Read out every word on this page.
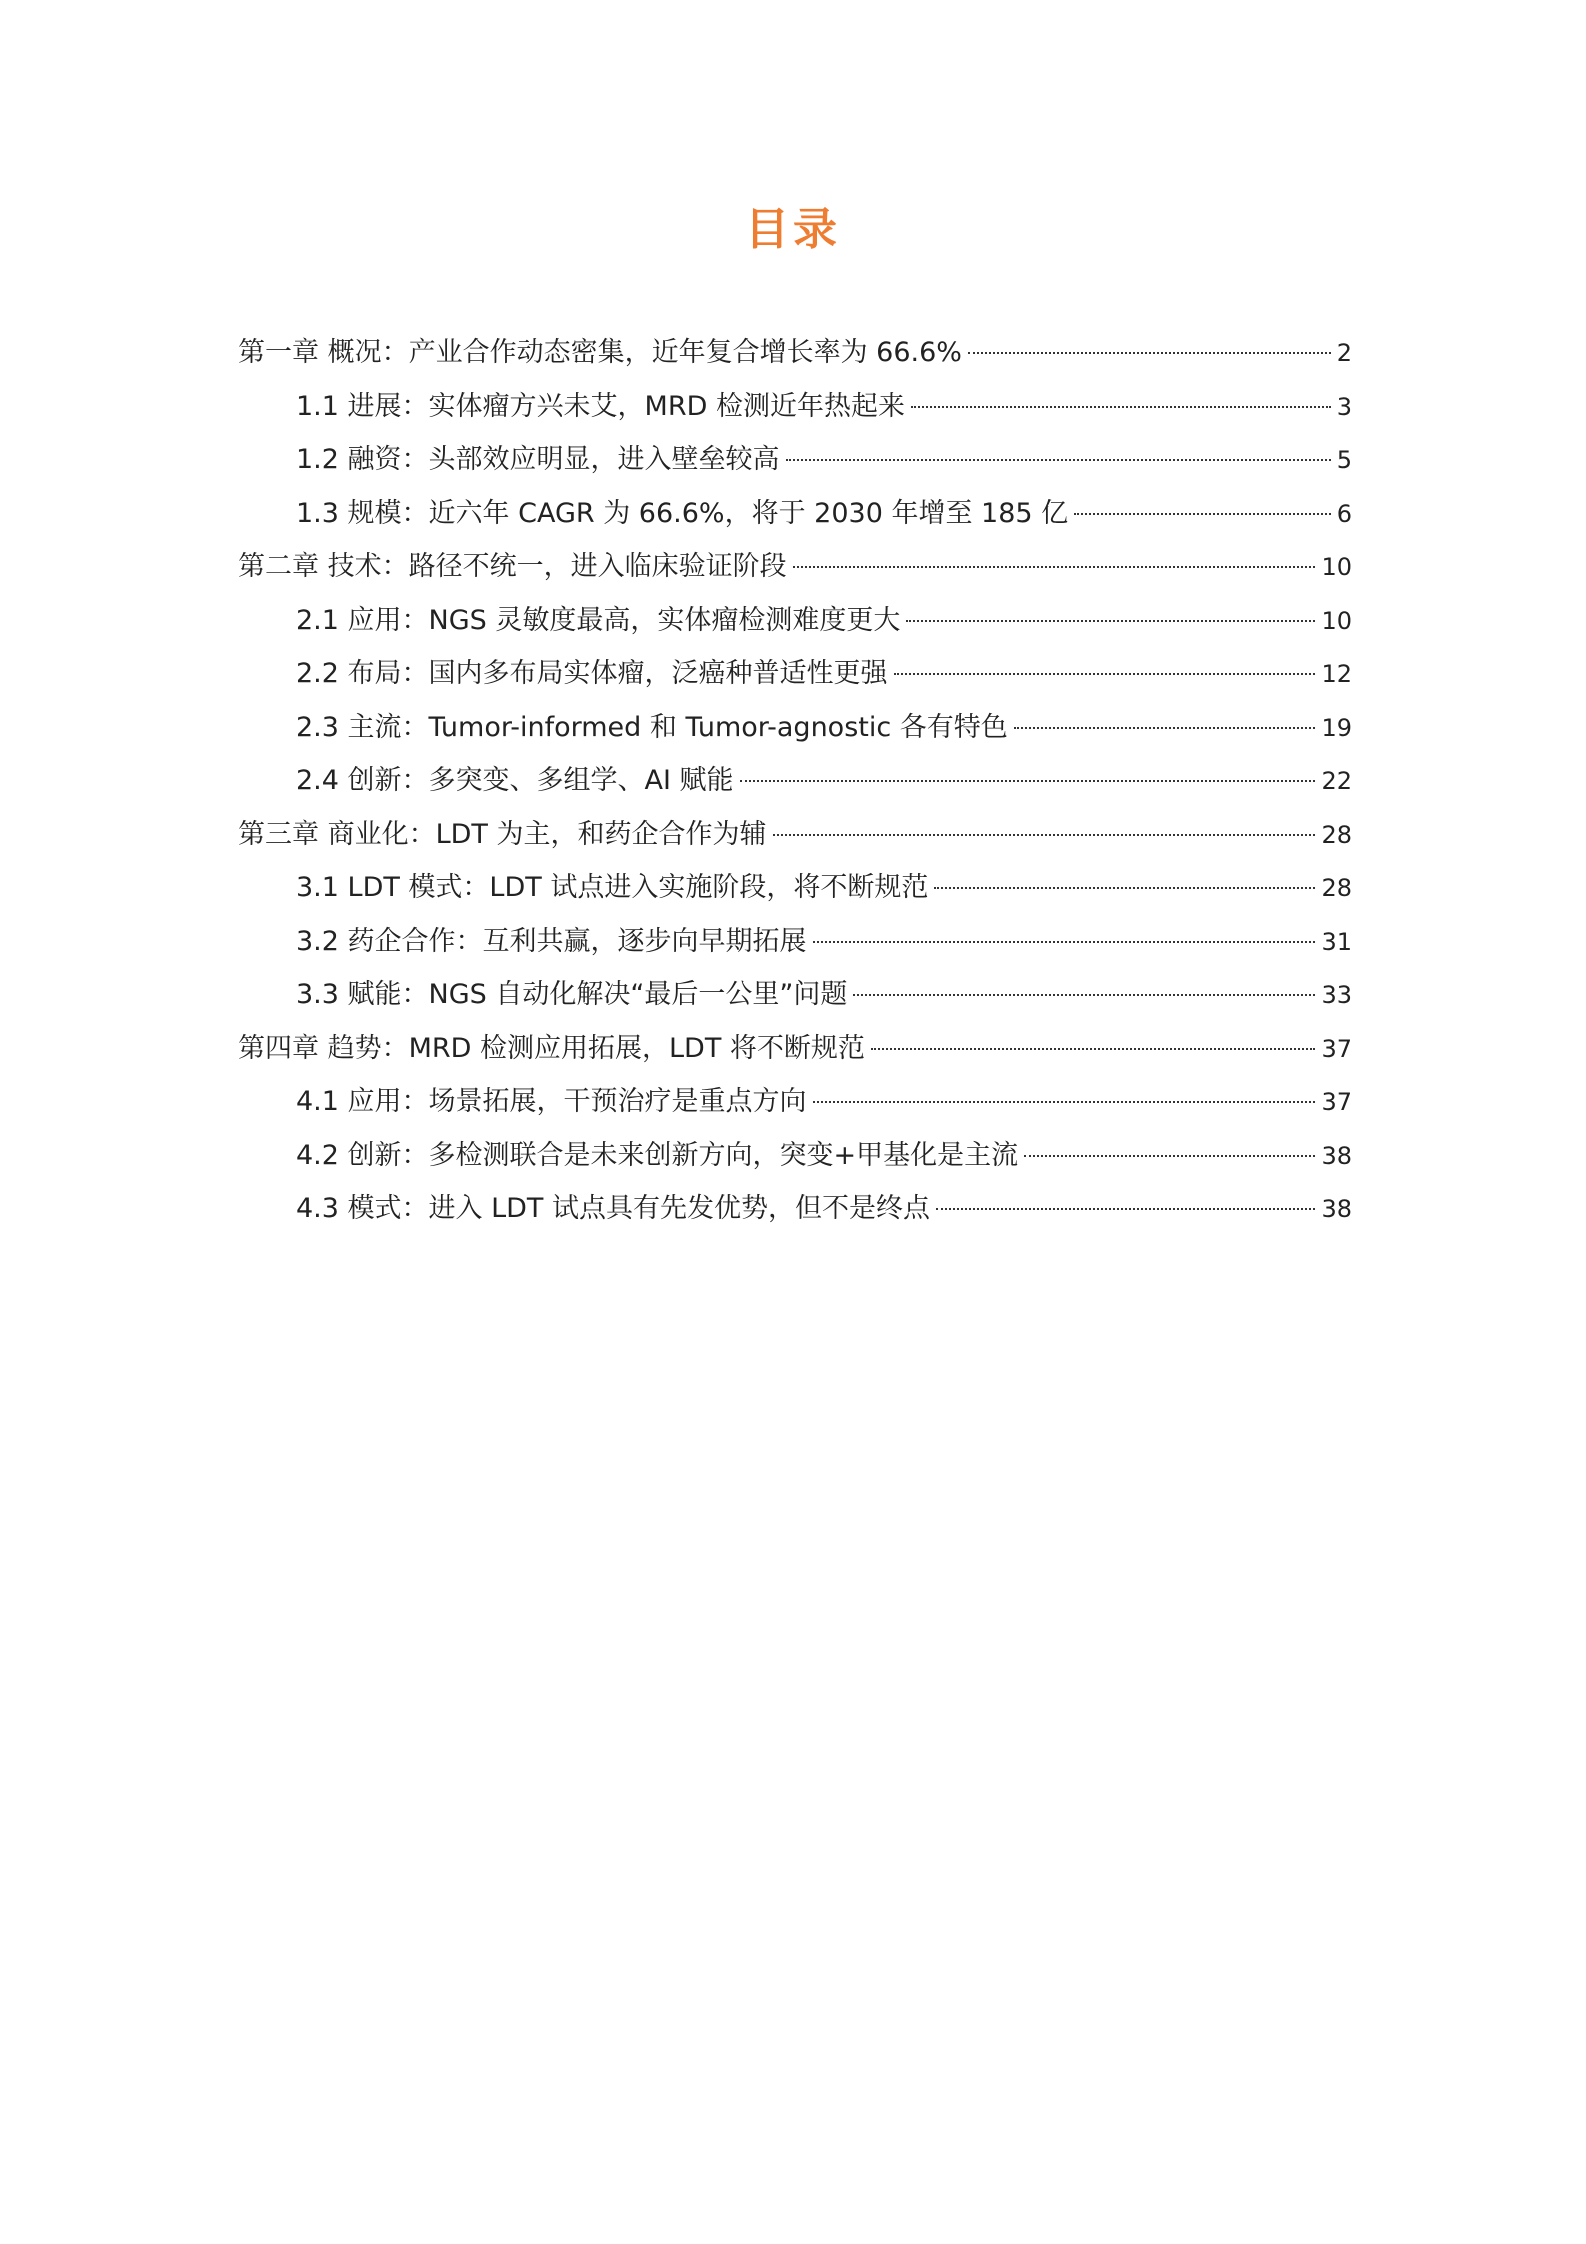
目录
第一章 概况：产业合作动态密集，近年复合增长率为 66.6%	2
1.1 进展：实体瘤方兴未艾，MRD 检测近年热起来	3
1.2 融资：头部效应明显，进入壁垒较高	5
1.3 规模：近六年 CAGR 为 66.6%，将于 2030 年增至 185 亿	6
第二章 技术：路径不统一，进入临床验证阶段	10
2.1 应用：NGS 灵敏度最高，实体瘤检测难度更大	10
2.2 布局：国内多布局实体瘤，泛癌种普适性更强	12
2.3 主流：Tumor-informed 和 Tumor-agnostic 各有特色	19
2.4 创新：多突变、多组学、AI 赋能	22
第三章 商业化：LDT 为主，和药企合作为辅	28
3.1 LDT 模式：LDT 试点进入实施阶段，将不断规范	28
3.2 药企合作：互利共赢，逐步向早期拓展	31
3.3 赋能：NGS 自动化解决“最后一公里”问题	33
第四章 趋势：MRD 检测应用拓展，LDT 将不断规范	37
4.1 应用：场景拓展，干预治疗是重点方向	37
4.2 创新：多检测联合是未来创新方向，突变+甲基化是主流	38
4.3 模式：进入 LDT 试点具有先发优势，但不是终点	38
